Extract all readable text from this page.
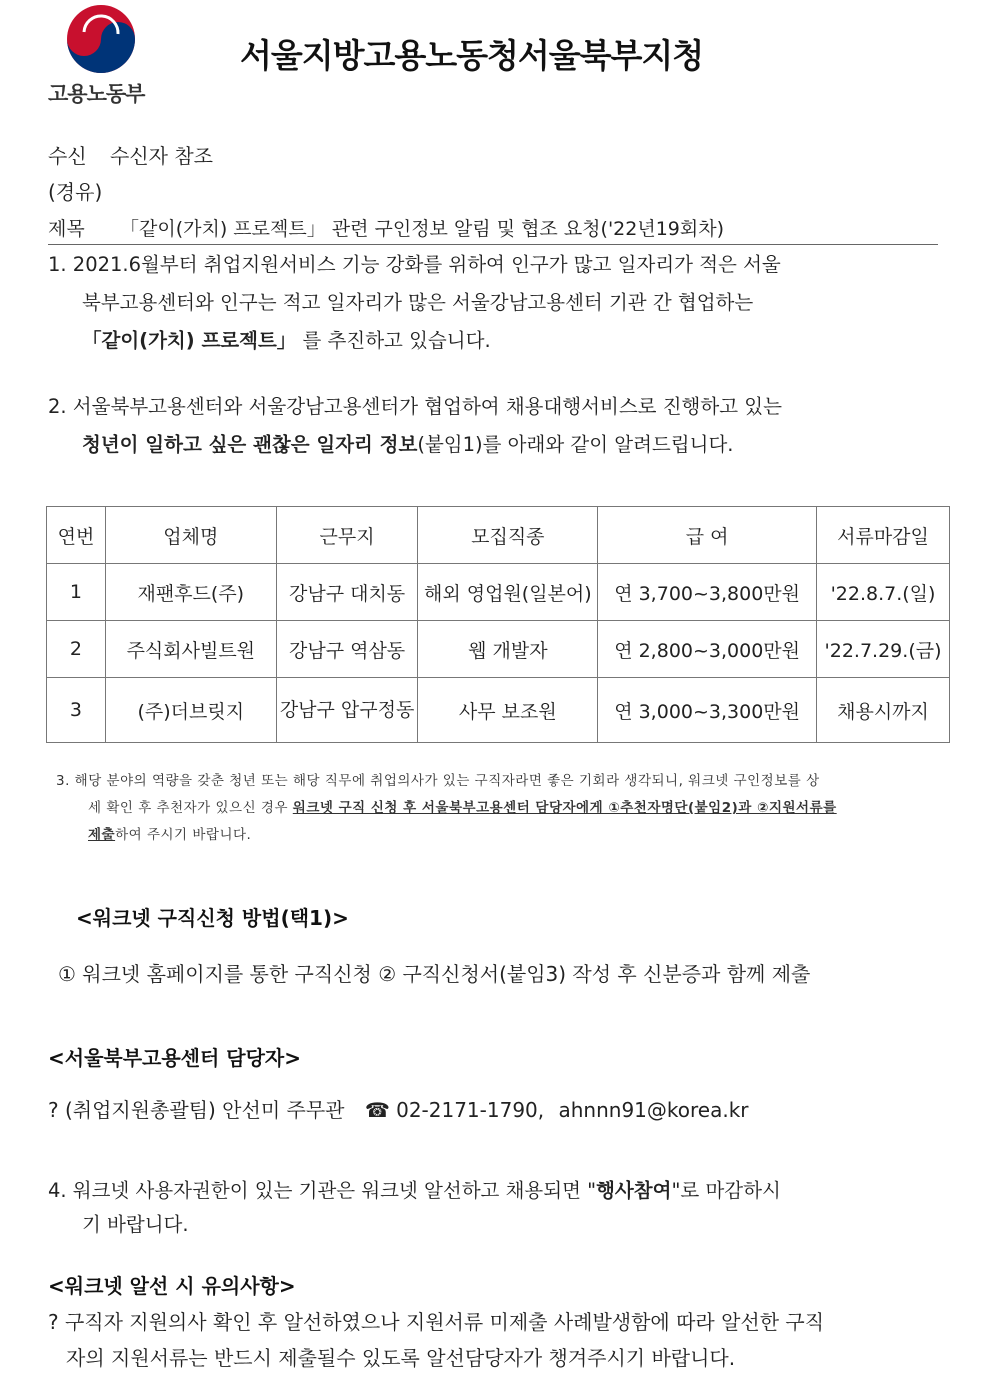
고용노동부
서울지방고용노동청서울북부지청
수신 수신자 참조
(경유)
제목 「같이(가치) 프로젝트」 관련 구인정보 알림 및 협조 요청('22년19회차)
1. 2021.6월부터 취업지원서비스 기능 강화를 위하여 인구가 많고 일자리가 적은 서울
북부고용센터와 인구는 적고 일자리가 많은 서울강남고용센터 기관 간 협업하는
「같이(가치) 프로젝트」 를 추진하고 있습니다.
2. 서울북부고용센터와 서울강남고용센터가 협업하여 채용대행서비스로 진행하고 있는
청년이 일하고 싶은 괜찮은 일자리 정보(붙임1)를 아래와 같이 알려드립니다.
연번	업체명	근무지	모집직종	급 여	서류마감일
1	재팬후드(주)	강남구 대치동	해외 영업원(일본어)	연 3,700~3,800만원	'22.8.7.(일)
2	주식회사빌트원	강남구 역삼동	웹 개발자	연 2,800~3,000만원	'22.7.29.(금)
3	(주)더브릿지	강남구 압구정동	사무 보조원	연 3,000~3,300만원	채용시까지
3. 해당 분야의 역량을 갖춘 청년 또는 해당 직무에 취업의사가 있는 구직자라면 좋은 기회라 생각되니, 워크넷 구인정보를 상
세 확인 후 추천자가 있으신 경우 워크넷 구직 신청 후 서울북부고용센터 담당자에게 ①추천자명단(붙임2)과 ②지원서류를
제출하여 주시기 바랍니다.
<워크넷 구직신청 방법(택1)>
① 워크넷 홈페이지를 통한 구직신청 ② 구직신청서(붙임3) 작성 후 신분증과 함께 제출
<서울북부고용센터 담당자>
? (취업지원총괄팀) 안선미 주무관 ☎ 02-2171-1790, ahnnn91@korea.kr
4. 워크넷 사용자권한이 있는 기관은 워크넷 알선하고 채용되면 "행사참여"로 마감하시
기 바랍니다.
<워크넷 알선 시 유의사항>
? 구직자 지원의사 확인 후 알선하였으나 지원서류 미제출 사례발생함에 따라 알선한 구직
자의 지원서류는 반드시 제출될수 있도록 알선담당자가 챙겨주시기 바랍니다.
